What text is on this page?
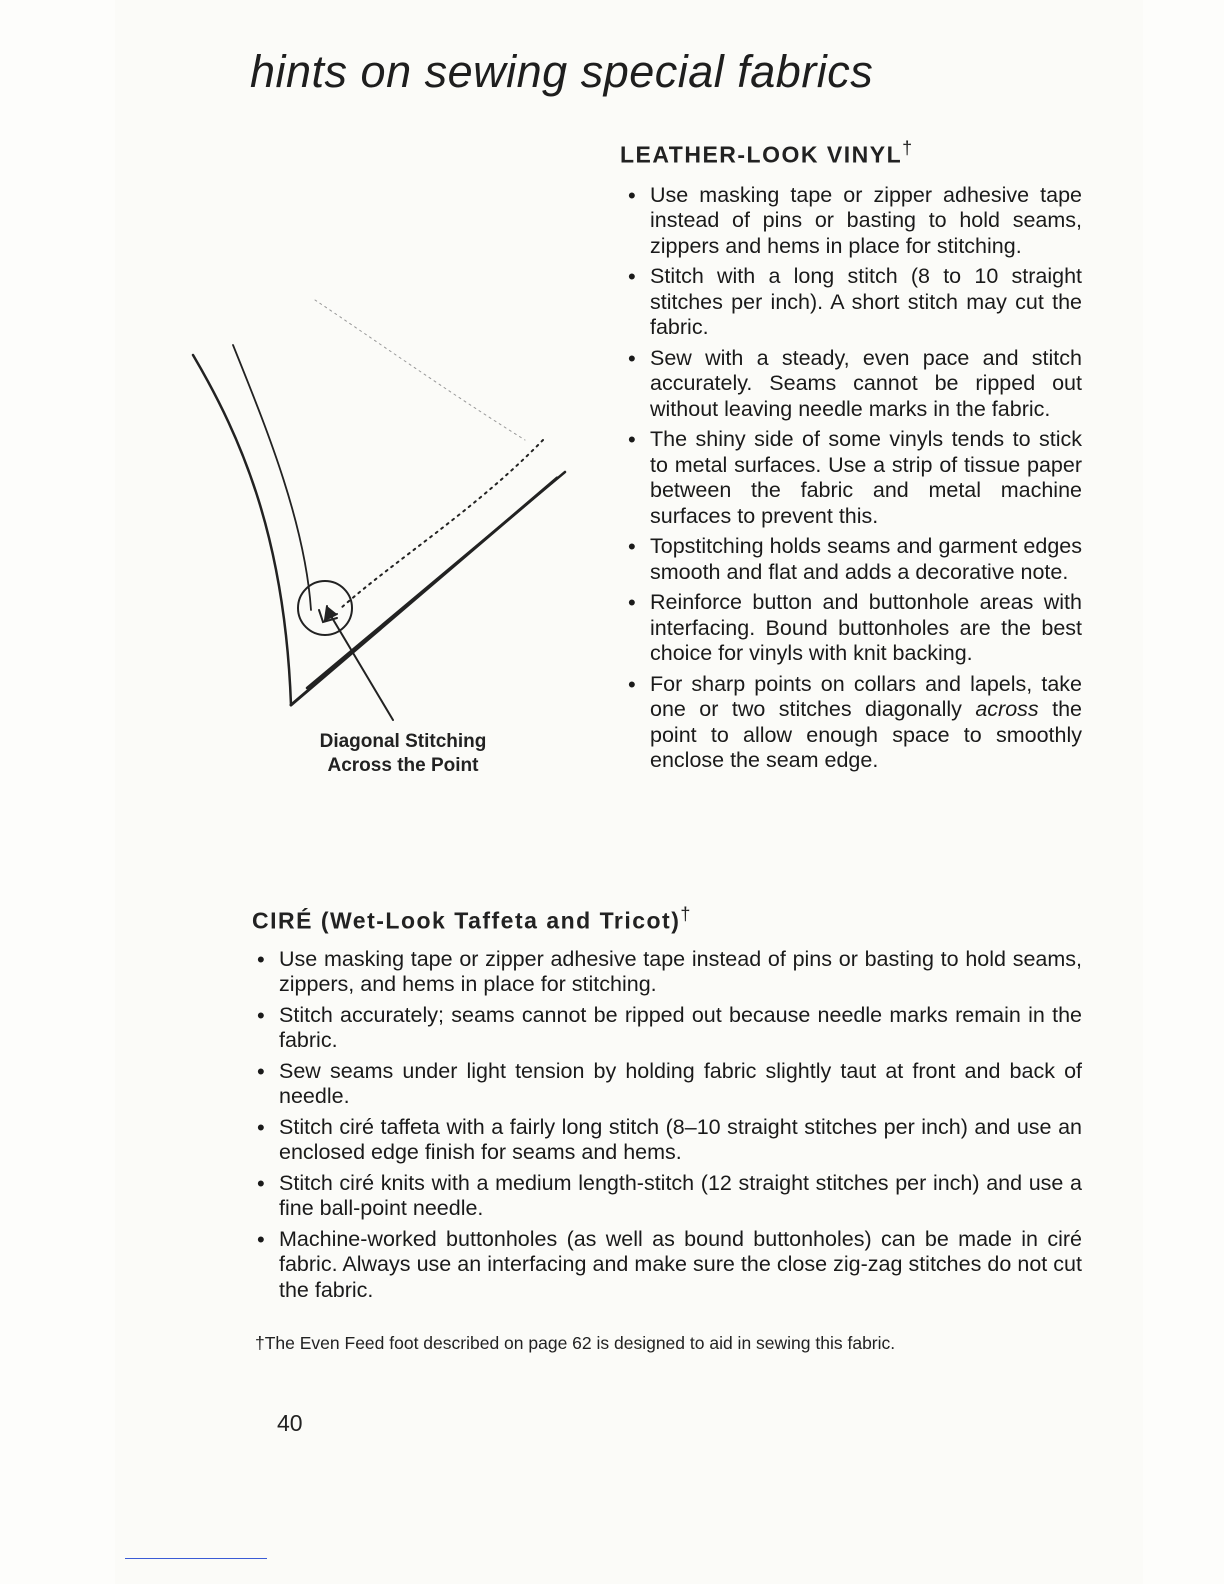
hints on sewing special fabrics
Diagonal Stitching
Across the Point
LEATHER-LOOK VINYL†
• Use masking tape or zipper adhesive tape instead of pins or basting to hold seams, zippers and hems in place for stitching.
• Stitch with a long stitch (8 to 10 straight stitches per inch). A short stitch may cut the fabric.
• Sew with a steady, even pace and stitch accurately. Seams cannot be ripped out without leaving needle marks in the fabric.
• The shiny side of some vinyls tends to stick to metal surfaces. Use a strip of tissue paper between the fabric and metal machine surfaces to prevent this.
• Topstitching holds seams and garment edges smooth and flat and adds a decorative note.
• Reinforce button and buttonhole areas with interfacing. Bound buttonholes are the best choice for vinyls with knit backing.
• For sharp points on collars and lapels, take one or two stitches diagonally across the point to allow enough space to smoothly enclose the seam edge.
CIRÉ (Wet-Look Taffeta and Tricot)†
• Use masking tape or zipper adhesive tape instead of pins or basting to hold seams, zippers, and hems in place for stitching.
• Stitch accurately; seams cannot be ripped out because needle marks remain in the fabric.
• Sew seams under light tension by holding fabric slightly taut at front and back of needle.
• Stitch ciré taffeta with a fairly long stitch (8–10 straight stitches per inch) and use an enclosed edge finish for seams and hems.
• Stitch ciré knits with a medium length-stitch (12 straight stitches per inch) and use a fine ball-point needle.
• Machine-worked buttonholes (as well as bound buttonholes) can be made in ciré fabric. Always use an interfacing and make sure the close zig-zag stitches do not cut the fabric.

†The Even Feed foot described on page 62 is designed to aid in sewing this fabric.

40
